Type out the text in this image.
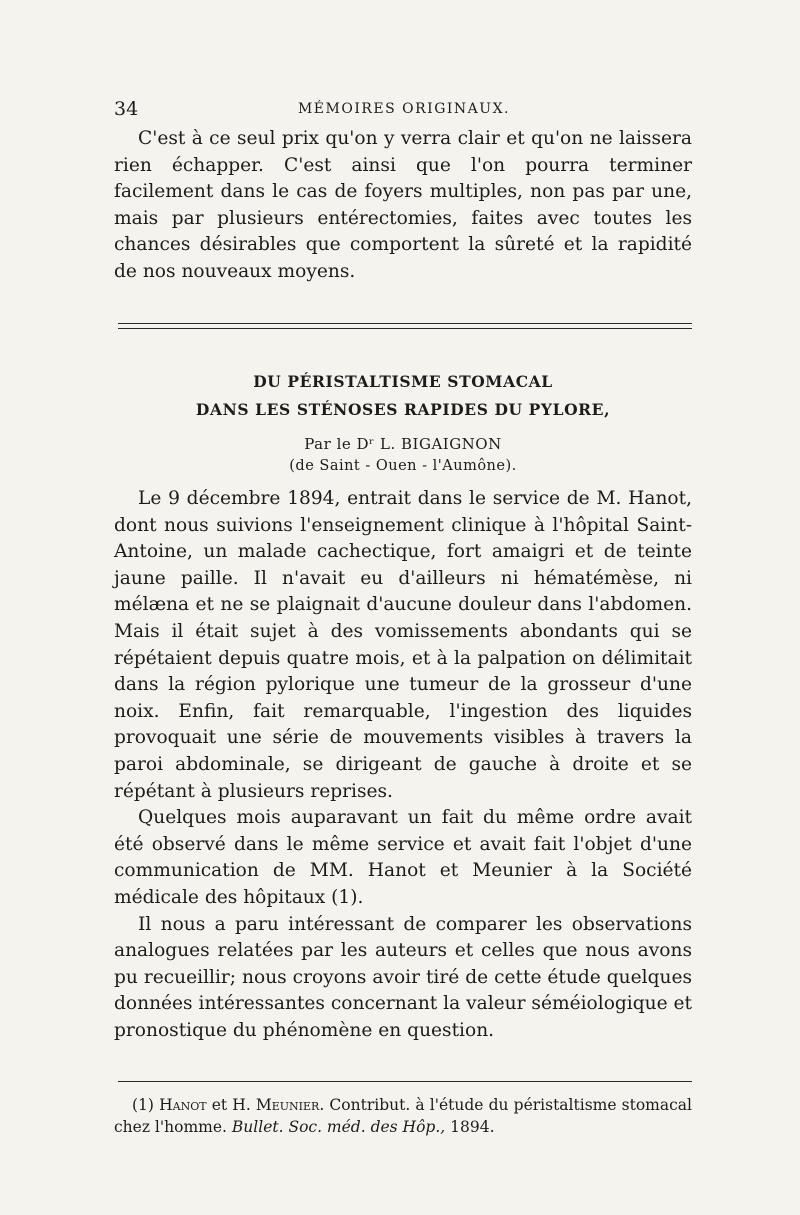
34	MÉMOIRES ORIGINAUX.

C'est à ce seul prix qu'on y verra clair et qu'on ne laissera rien échapper. C'est ainsi que l'on pourra terminer facilement dans le cas de foyers multiples, non pas par une, mais par plusieurs entérectomies, faites avec toutes les chances désirables que comportent la sûreté et la rapidité de nos nouveaux moyens.

DU PÉRISTALTISME STOMACAL
DANS LES STÉNOSES RAPIDES DU PYLORE,
Par le Dʳ L. BIGAIGNON
(de Saint - Ouen - l'Aumône).

Le 9 décembre 1894, entrait dans le service de M. Hanot, dont nous suivions l'enseignement clinique à l'hôpital Saint-Antoine, un malade cachectique, fort amaigri et de teinte jaune paille. Il n'avait eu d'ailleurs ni hématémèse, ni mélæna et ne se plaignait d'aucune douleur dans l'abdomen. Mais il était sujet à des vomissements abondants qui se répétaient depuis quatre mois, et à la palpation on délimitait dans la région pylorique une tumeur de la grosseur d'une noix. Enfin, fait remarquable, l'ingestion des liquides provoquait une série de mouvements visibles à travers la paroi abdominale, se dirigeant de gauche à droite et se répétant à plusieurs reprises.

Quelques mois auparavant un fait du même ordre avait été observé dans le même service et avait fait l'objet d'une communication de MM. Hanot et Meunier à la Société médicale des hôpitaux (1).

Il nous a paru intéressant de comparer les observations analogues relatées par les auteurs et celles que nous avons pu recueillir; nous croyons avoir tiré de cette étude quelques données intéressantes concernant la valeur séméiologique et pronostique du phénomène en question.

(1) Hanot et H. Meunier. Contribut. à l'étude du péristaltisme stomacal chez l'homme. Bullet. Soc. méd. des Hôp., 1894.
